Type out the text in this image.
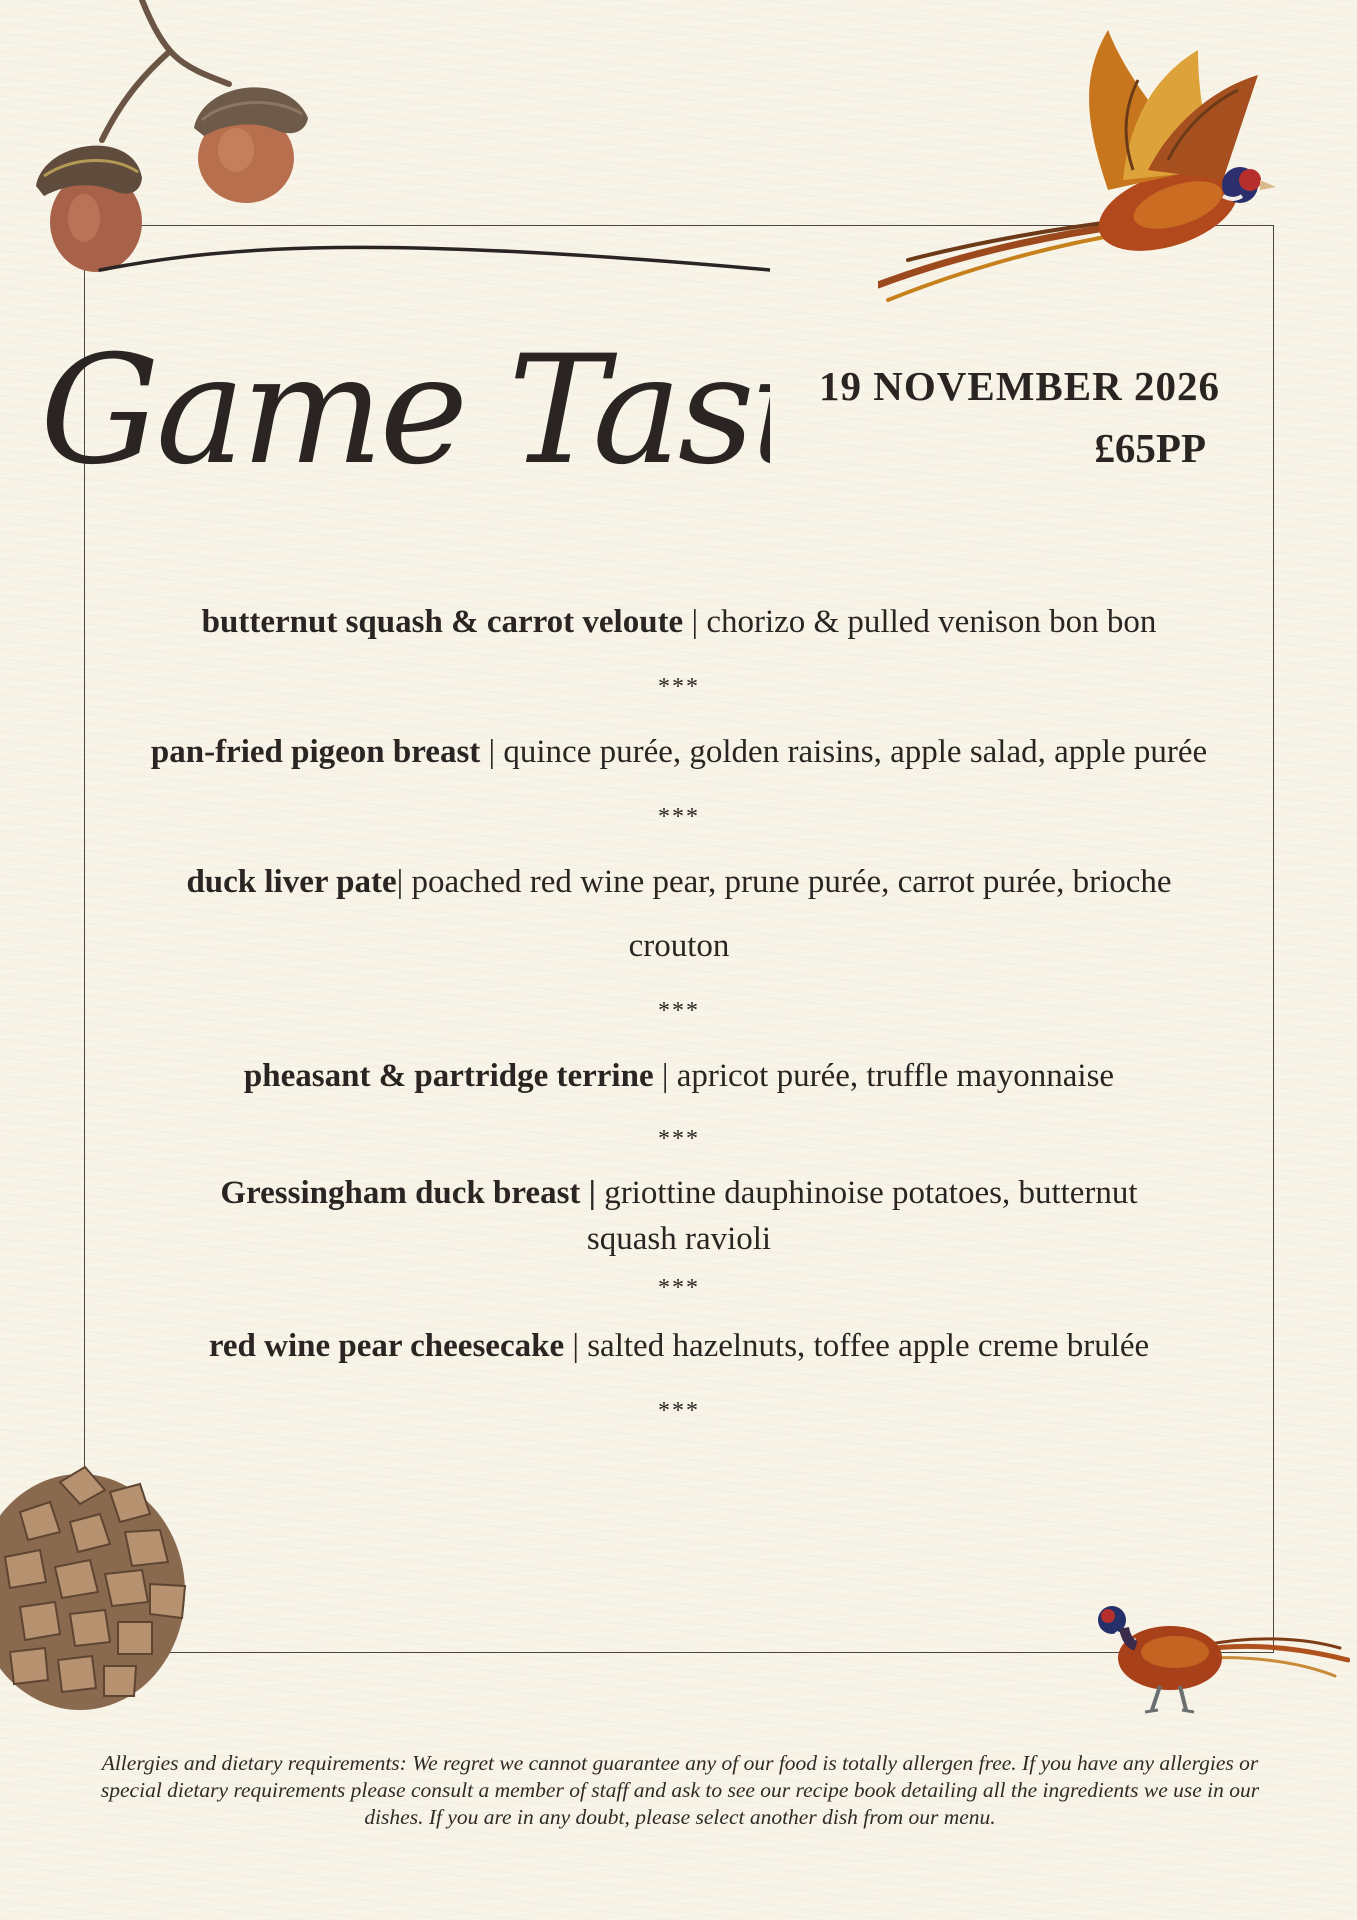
Game Tas	19 NOVEMBER 2026
£65PP

butternut squash & carrot veloute | chorizo & pulled venison bon bon

***

pan-fried pigeon breast | quince purée, golden raisins, apple salad, apple purée

***

duck liver pate| poached red wine pear, prune purée, carrot purée, brioche crouton

***

pheasant & partridge terrine | apricot purée, truffle mayonnaise

***

Gressingham duck breast | griottine dauphinoise potatoes, butternut squash ravioli

***

red wine pear cheesecake | salted hazelnuts, toffee apple creme brulée

***
Allergies and dietary requirements: We regret we cannot guarantee any of our food is totally allergen free. If you have any allergies or special dietary requirements please consult a member of staff and ask to see our recipe book detailing all the ingredients we use in our dishes. If you are in any doubt, please select another dish from our menu.
